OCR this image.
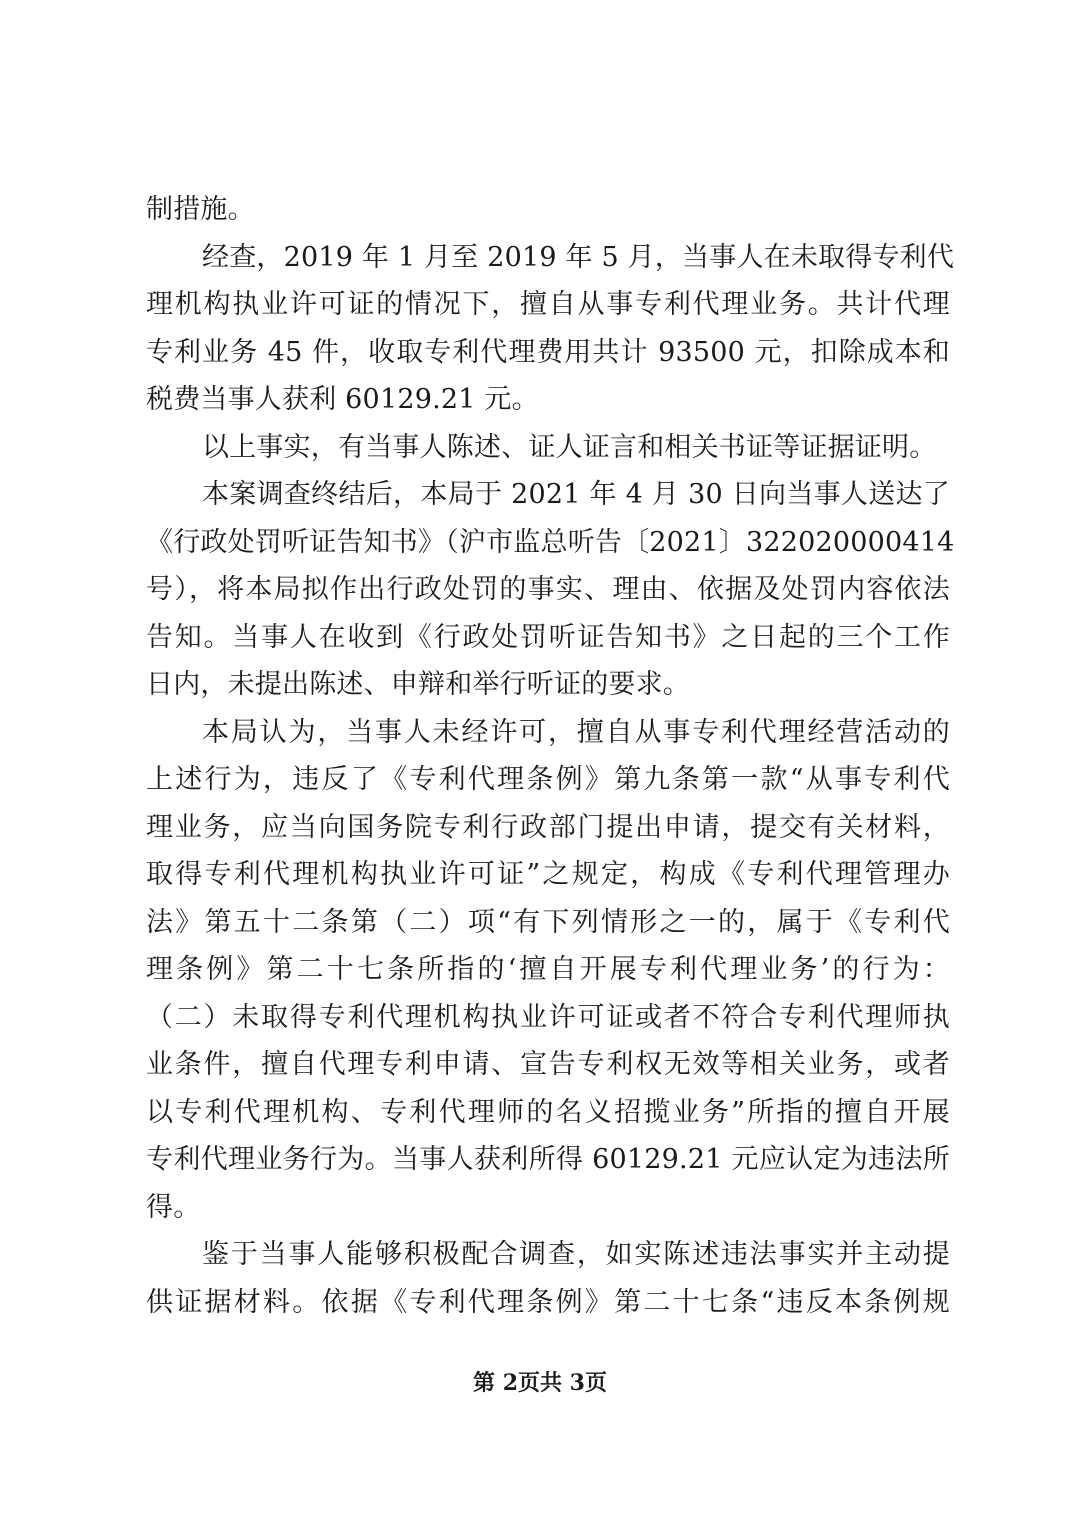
制措施。
经查，2019 年 1 月至 2019 年 5 月，当事人在未取得专利代
理机构执业许可证的情况下，擅自从事专利代理业务。共计代理
专利业务 45 件，收取专利代理费用共计 93500 元，扣除成本和
税费当事人获利 60129.21 元。
以上事实，有当事人陈述、证人证言和相关书证等证据证明。
本案调查终结后，本局于 2021 年 4 月 30 日向当事人送达了
《行政处罚听证告知书》（沪市监总听告〔2021〕322020000414
号），将本局拟作出行政处罚的事实、理由、依据及处罚内容依法
告知。当事人在收到《行政处罚听证告知书》之日起的三个工作
日内，未提出陈述、申辩和举行听证的要求。
本局认为，当事人未经许可，擅自从事专利代理经营活动的
上述行为，违反了《专利代理条例》第九条第一款“从事专利代
理业务，应当向国务院专利行政部门提出申请，提交有关材料，
取得专利代理机构执业许可证”之规定，构成《专利代理管理办
法》第五十二条第（二）项“有下列情形之一的，属于《专利代
理条例》第二十七条所指的‘擅自开展专利代理业务’的行为：
（二）未取得专利代理机构执业许可证或者不符合专利代理师执
业条件，擅自代理专利申请、宣告专利权无效等相关业务，或者
以专利代理机构、专利代理师的名义招揽业务”所指的擅自开展
专利代理业务行为。当事人获利所得 60129.21 元应认定为违法所
得。
鉴于当事人能够积极配合调查，如实陈述违法事实并主动提
供证据材料。依据《专利代理条例》第二十七条“违反本条例规
第 2页共 3页
